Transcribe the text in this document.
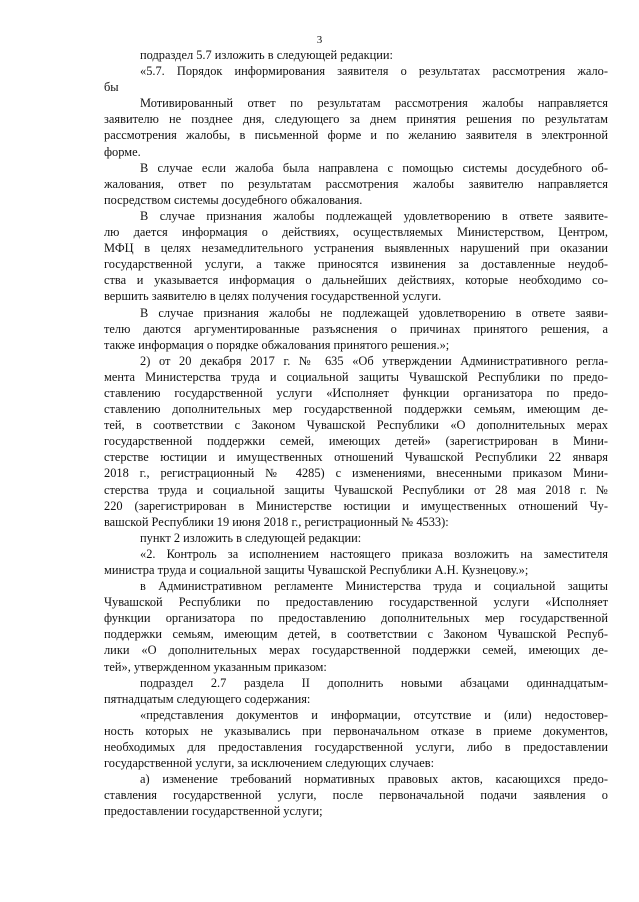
3
подраздел 5.7 изложить в следующей редакции:
«5.7. Порядок информирования заявителя о результатах рассмотрения жало-
бы
Мотивированный ответ по результатам рассмотрения жалобы направляется
заявителю не позднее дня, следующего за днем принятия решения по результатам
рассмотрения жалобы, в письменной форме и по желанию заявителя в электронной
форме.
В случае если жалоба была направлена с помощью системы досудебного об-
жалования, ответ по результатам рассмотрения жалобы заявителю направляется
посредством системы досудебного обжалования.
В случае признания жалобы подлежащей удовлетворению в ответе заявите-
лю дается информация о действиях, осуществляемых Министерством, Центром,
МФЦ в целях незамедлительного устранения выявленных нарушений при оказании
государственной услуги, а также приносятся извинения за доставленные неудоб-
ства и указывается информация о дальнейших действиях, которые необходимо со-
вершить заявителю в целях получения государственной услуги.
В случае признания жалобы не подлежащей удовлетворению в ответе заяви-
телю даются аргументированные разъяснения о причинах принятого решения, а
также информация о порядке обжалования принятого решения.»;
2) от 20 декабря 2017 г. № 635 «Об утверждении Административного регла-
мента Министерства труда и социальной защиты Чувашской Республики по предо-
ставлению государственной услуги «Исполняет функции организатора по предо-
ставлению дополнительных мер государственной поддержки семьям, имеющим де-
тей, в соответствии с Законом Чувашской Республики «О дополнительных мерах
государственной поддержки семей, имеющих детей» (зарегистрирован в Мини-
стерстве юстиции и имущественных отношений Чувашской Республики 22 января
2018 г., регистрационный № 4285) с изменениями, внесенными приказом Мини-
стерства труда и социальной защиты Чувашской Республики от 28 мая 2018 г. №
220 (зарегистрирован в Министерстве юстиции и имущественных отношений Чу-
вашской Республики 19 июня 2018 г., регистрационный № 4533):
пункт 2 изложить в следующей редакции:
«2. Контроль за исполнением настоящего приказа возложить на заместителя
министра труда и социальной защиты Чувашской Республики А.Н. Кузнецову.»;
в Административном регламенте Министерства труда и социальной защиты
Чувашской Республики по предоставлению государственной услуги «Исполняет
функции организатора по предоставлению дополнительных мер государственной
поддержки семьям, имеющим детей, в соответствии с Законом Чувашской Респуб-
лики «О дополнительных мерах государственной поддержки семей, имеющих де-
тей», утвержденном указанным приказом:
подраздел 2.7 раздела II дополнить новыми абзацами одиннадцатым-
пятнадцатым следующего содержания:
«представления документов и информации, отсутствие и (или) недостовер-
ность которых не указывались при первоначальном отказе в приеме документов,
необходимых для предоставления государственной услуги, либо в предоставлении
государственной услуги, за исключением следующих случаев:
а) изменение требований нормативных правовых актов, касающихся предо-
ставления государственной услуги, после первоначальной подачи заявления о
предоставлении государственной услуги;
